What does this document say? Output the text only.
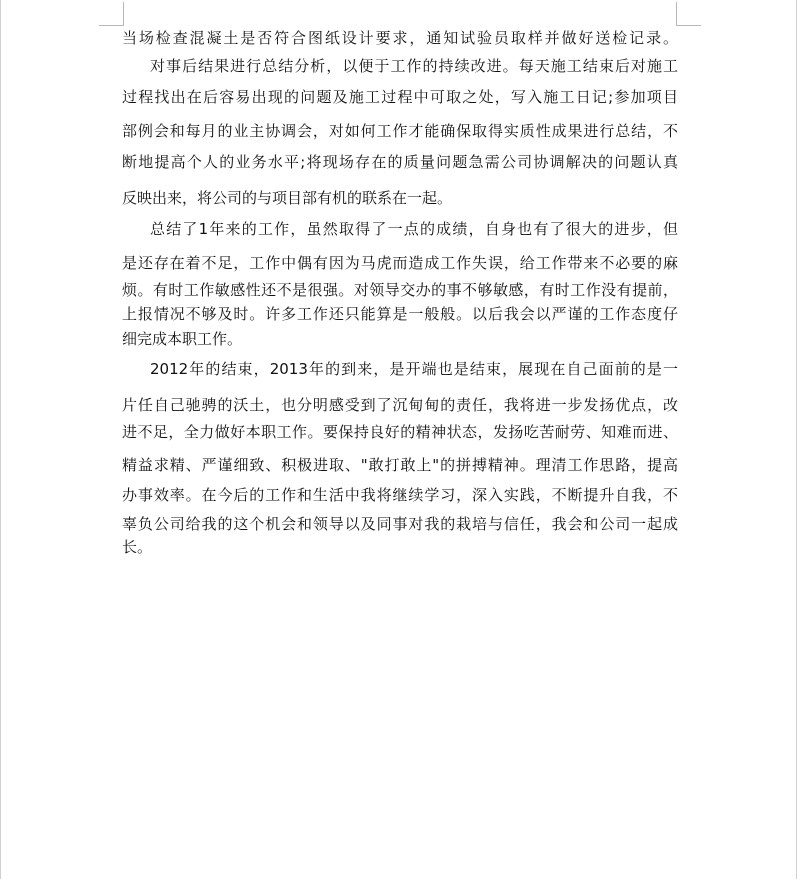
当场检查混凝土是否符合图纸设计要求，通知试验员取样并做好送检记录。
对事后结果进行总结分析，以便于工作的持续改进。每天施工结束后对施工
过程找出在后容易出现的问题及施工过程中可取之处，写入施工日记;参加项目
部例会和每月的业主协调会，对如何工作才能确保取得实质性成果进行总结，不
断地提高个人的业务水平;将现场存在的质量问题急需公司协调解决的问题认真
反映出来，将公司的与项目部有机的联系在一起。
总结了1年来的工作，虽然取得了一点的成绩，自身也有了很大的进步，但
是还存在着不足，工作中偶有因为马虎而造成工作失误，给工作带来不必要的麻
烦。有时工作敏感性还不是很强。对领导交办的事不够敏感，有时工作没有提前，
上报情况不够及时。许多工作还只能算是一般般。以后我会以严谨的工作态度仔
细完成本职工作。
2012年的结束，2013年的到来，是开端也是结束，展现在自己面前的是一
片任自己驰骋的沃土，也分明感受到了沉甸甸的责任，我将进一步发扬优点，改
进不足，全力做好本职工作。要保持良好的精神状态，发扬吃苦耐劳、知难而进、
精益求精、严谨细致、积极进取、"敢打敢上"的拼搏精神。理清工作思路，提高
办事效率。在今后的工作和生活中我将继续学习，深入实践，不断提升自我，不
辜负公司给我的这个机会和领导以及同事对我的栽培与信任，我会和公司一起成
长。
